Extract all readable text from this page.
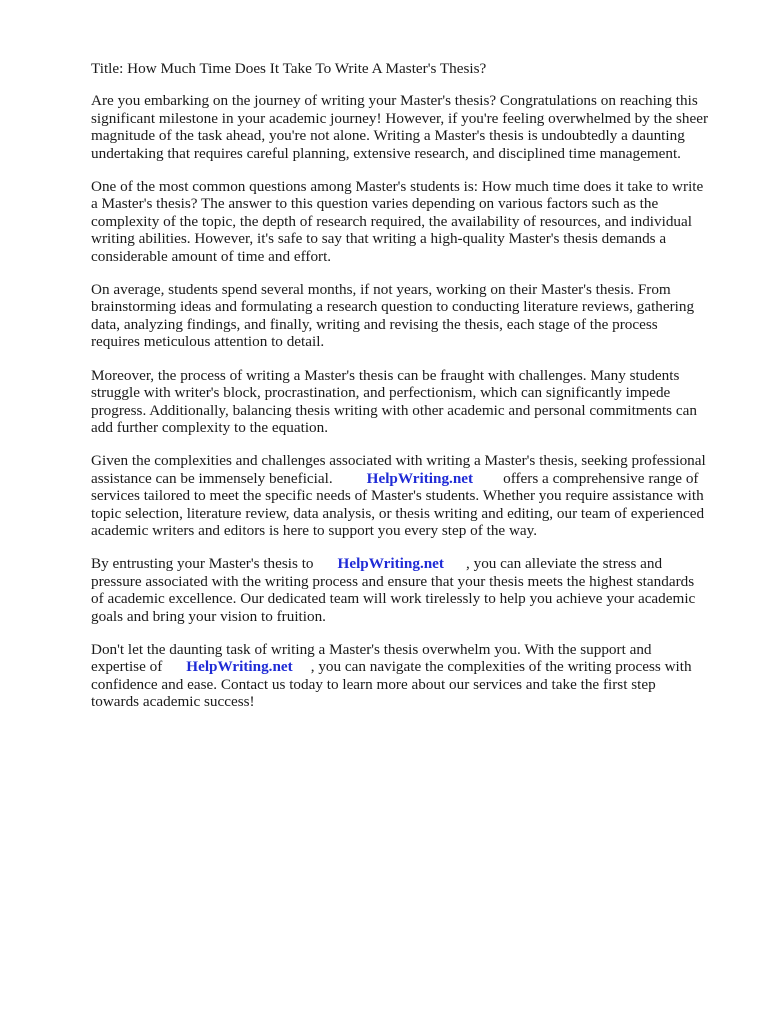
Title: How Much Time Does It Take To Write A Master's Thesis?

Are you embarking on the journey of writing your Master's thesis? Congratulations on reaching this
significant milestone in your academic journey! However, if you're feeling overwhelmed by the sheer
magnitude of the task ahead, you're not alone. Writing a Master's thesis is undoubtedly a daunting
undertaking that requires careful planning, extensive research, and disciplined time management.

One of the most common questions among Master's students is: How much time does it take to write
a Master's thesis? The answer to this question varies depending on various factors such as the
complexity of the topic, the depth of research required, the availability of resources, and individual
writing abilities. However, it's safe to say that writing a high-quality Master's thesis demands a
considerable amount of time and effort.

On average, students spend several months, if not years, working on their Master's thesis. From
brainstorming ideas and formulating a research question to conducting literature reviews, gathering
data, analyzing findings, and finally, writing and revising the thesis, each stage of the process
requires meticulous attention to detail.

Moreover, the process of writing a Master's thesis can be fraught with challenges. Many students
struggle with writer's block, procrastination, and perfectionism, which can significantly impede
progress. Additionally, balancing thesis writing with other academic and personal commitments can
add further complexity to the equation.

Given the complexities and challenges associated with writing a Master's thesis, seeking professional
assistance can be immensely beneficial. HelpWriting.net offers a comprehensive range of
services tailored to meet the specific needs of Master's students. Whether you require assistance with
topic selection, literature review, data analysis, or thesis writing and editing, our team of experienced
academic writers and editors is here to support you every step of the way.

By entrusting your Master's thesis to HelpWriting.net , you can alleviate the stress and
pressure associated with the writing process and ensure that your thesis meets the highest standards
of academic excellence. Our dedicated team will work tirelessly to help you achieve your academic
goals and bring your vision to fruition.

Don't let the daunting task of writing a Master's thesis overwhelm you. With the support and
expertise of HelpWriting.net , you can navigate the complexities of the writing process with
confidence and ease. Contact us today to learn more about our services and take the first step
towards academic success!
